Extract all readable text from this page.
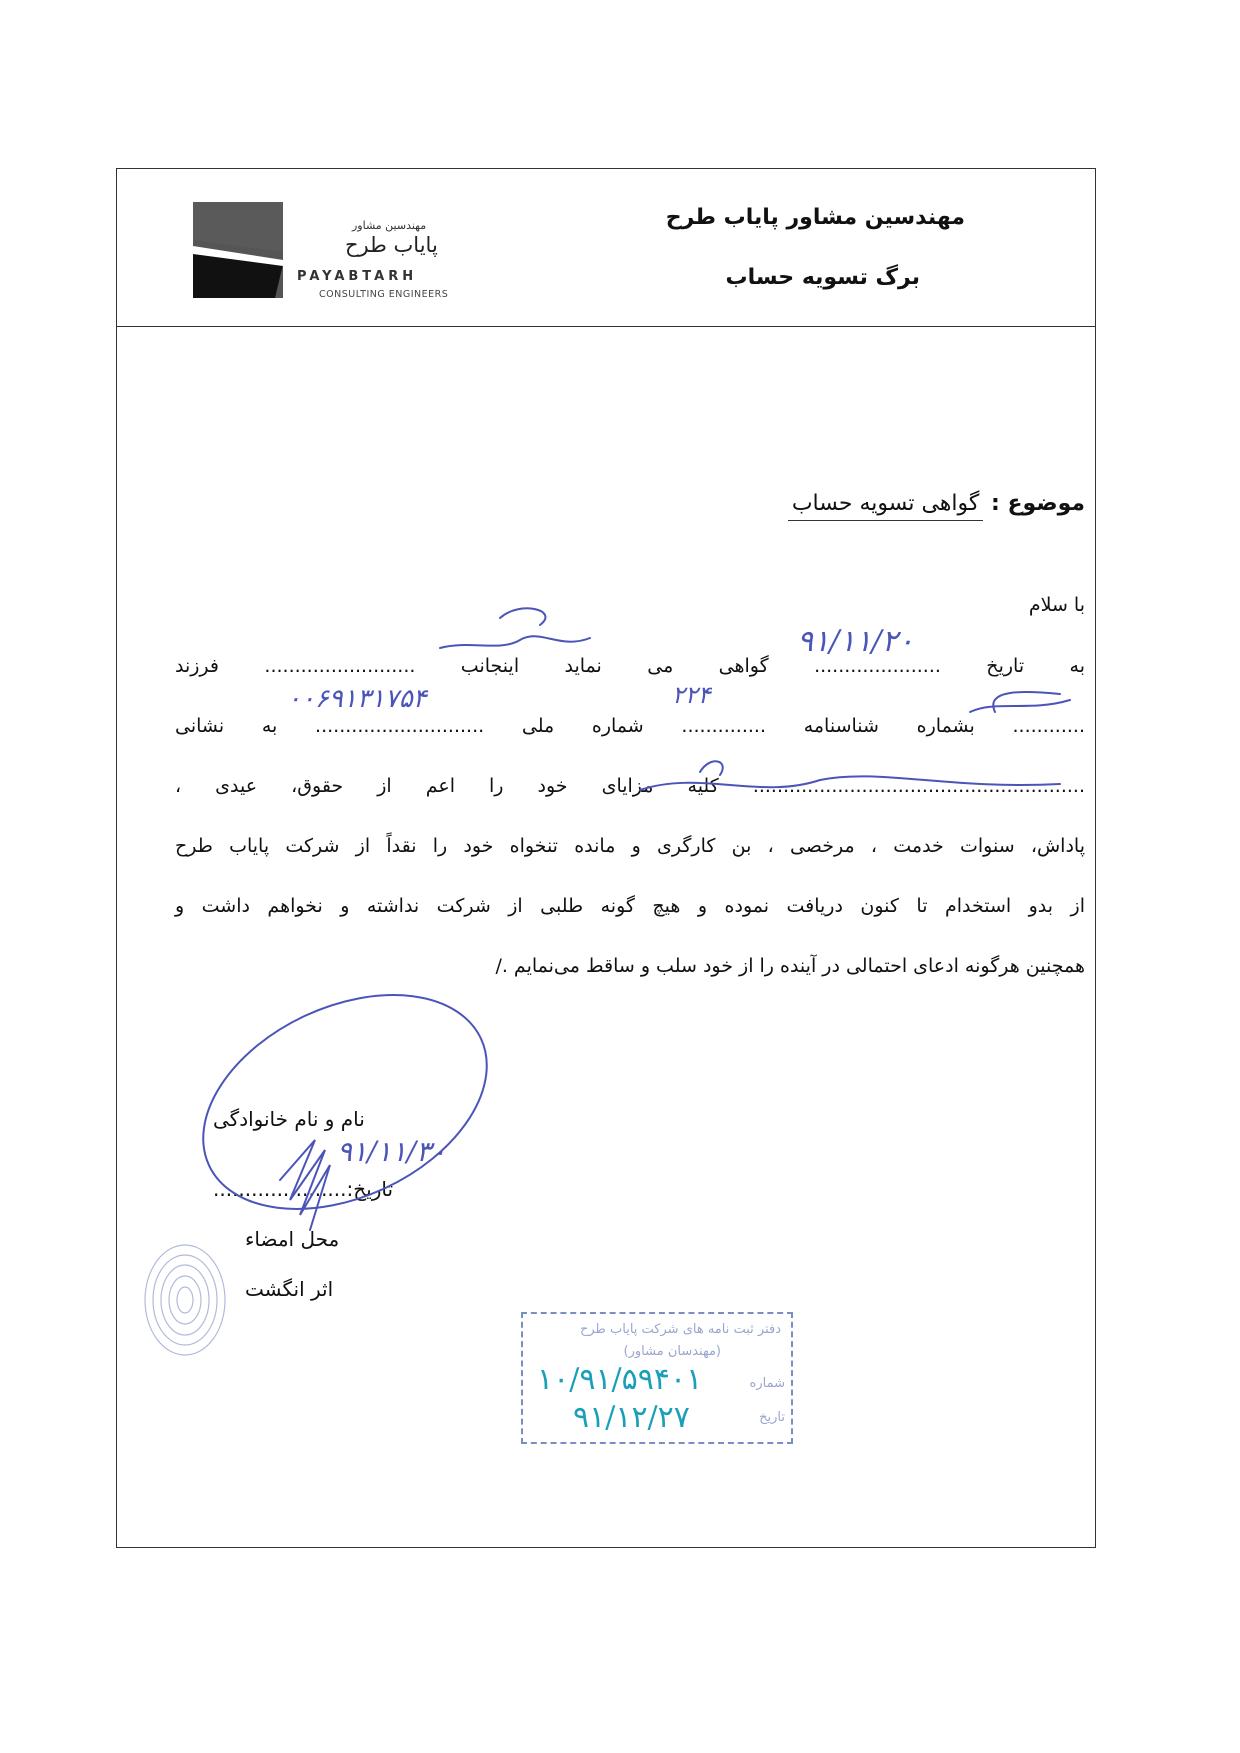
مهندسین مشاور پایاب طرح
برگ تسویه حساب
مهندسین مشاور
پایاب طرح
PAYABTARH
CONSULTING ENGINEERS
موضوع : گواهی تسویه حساب
با سلام
به تاریخ ..................... گواهی می نماید اینجانب ......................... فرزند
............ بشماره شناسنامه .............. شماره ملی ............................ به نشانی
....................................................... کلیه مزایای خود را اعم از حقوق، عیدی ،
پاداش، سنوات خدمت ، مرخصی ، بن کارگری و مانده تنخواه خود را نقداً از شرکت پایاب طرح
از بدو استخدام تا کنون دریافت نموده و هیچ گونه طلبی از شرکت نداشته و نخواهم داشت و
همچنین هرگونه ادعای احتمالی در آینده را از خود سلب و ساقط می‌نمایم ./
۹۱/۱۱/۲۰
۰۰۶۹۱۳۱۷۵۴	۲۲۴
۹۱/۱۱/۳۰
نام و نام خانوادگی
تاریخ:.....................
محل امضاء
اثر انگشت
دفتر ثبت نامه های شرکت پایاب طرح
(مهندسان مشاور)
شماره
تاریخ
۱۰/۹۱/۵۹۴۰۱
۹۱/۱۲/۲۷
